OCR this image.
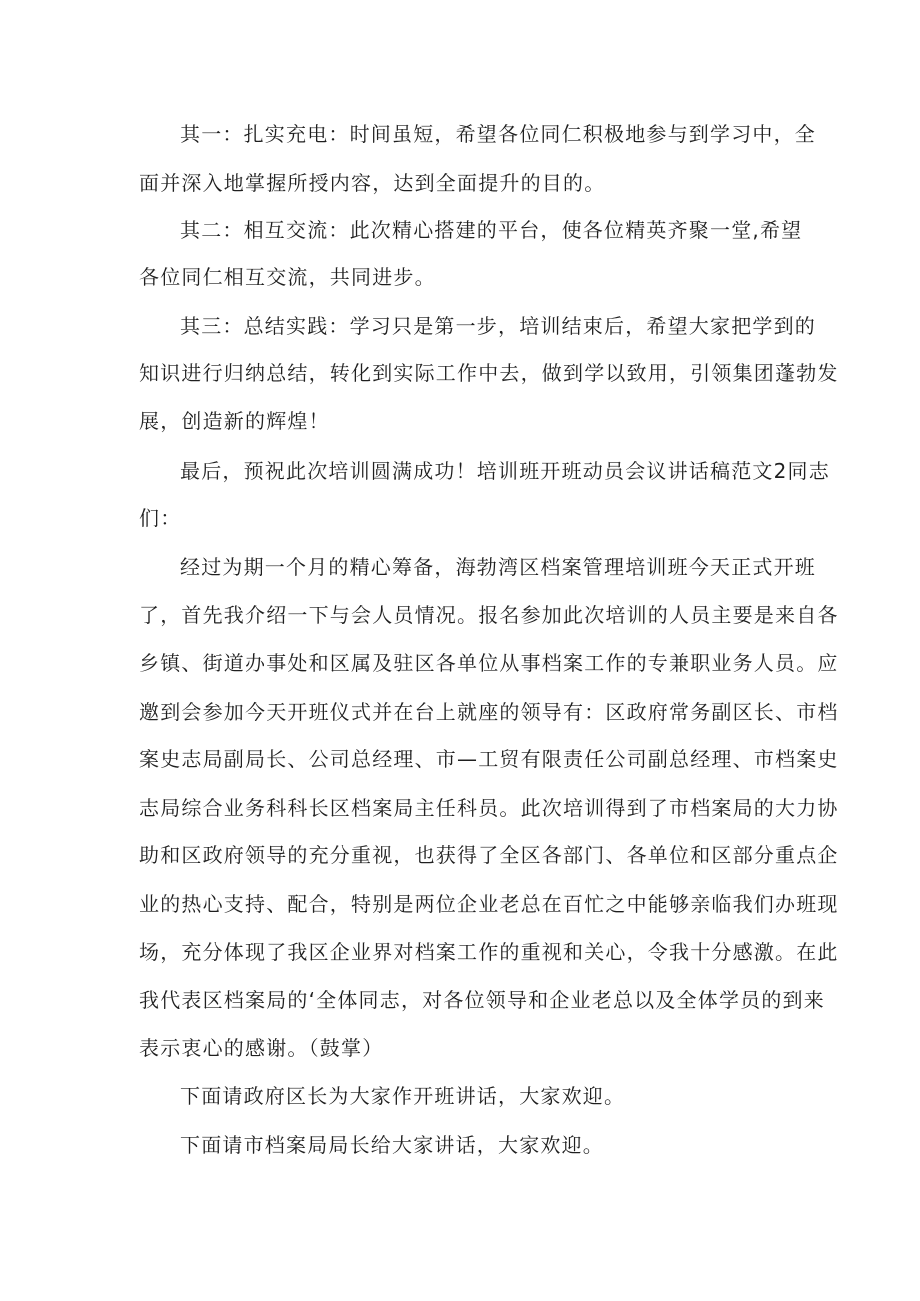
其一：扎实充电：时间虽短，希望各位同仁积极地参与到学习中，全
面并深入地掌握所授内容，达到全面提升的目的。
其二：相互交流：此次精心搭建的平台，使各位精英齐聚一堂,希望
各位同仁相互交流，共同进步。
其三：总结实践：学习只是第一步，培训结束后，希望大家把学到的
知识进行归纳总结，转化到实际工作中去，做到学以致用，引领集团蓬勃发
展，创造新的辉煌！
最后，预祝此次培训圆满成功！培训班开班动员会议讲话稿范文2同志
们：
经过为期一个月的精心筹备，海勃湾区档案管理培训班今天正式开班
了，首先我介绍一下与会人员情况。报名参加此次培训的人员主要是来自各
乡镇、街道办事处和区属及驻区各单位从事档案工作的专兼职业务人员。应
邀到会参加今天开班仪式并在台上就座的领导有：区政府常务副区长、市档
案史志局副局长、公司总经理、市—工贸有限责任公司副总经理、市档案史
志局综合业务科科长区档案局主任科员。此次培训得到了市档案局的大力协
助和区政府领导的充分重视，也获得了全区各部门、各单位和区部分重点企
业的热心支持、配合，特别是两位企业老总在百忙之中能够亲临我们办班现
场，充分体现了我区企业界对档案工作的重视和关心，令我十分感激。在此
我代表区档案局的‘全体同志，对各位领导和企业老总以及全体学员的到来
表示衷心的感谢。（鼓掌）
下面请政府区长为大家作开班讲话，大家欢迎。
下面请市档案局局长给大家讲话，大家欢迎。
